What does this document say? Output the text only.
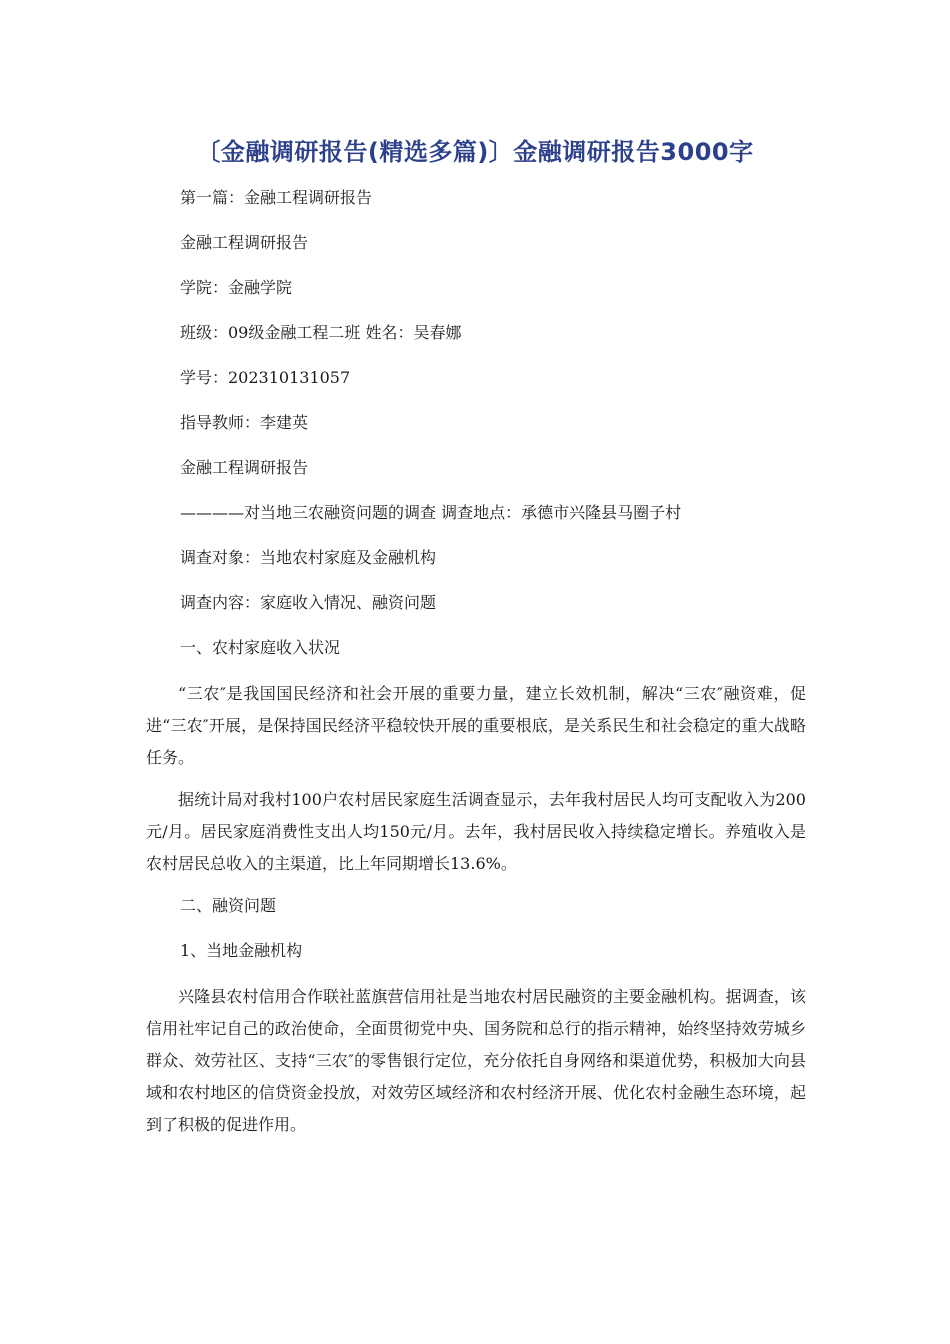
〔金融调研报告(精选多篇)〕金融调研报告3000字
第一篇：金融工程调研报告
金融工程调研报告
学院：金融学院
班级：09级金融工程二班 姓名：吴春娜
学号：202310131057
指导教师：李建英
金融工程调研报告
————对当地三农融资问题的调查 调查地点：承德市兴隆县马圈子村
调查对象：当地农村家庭及金融机构
调查内容：家庭收入情况、融资问题
一、农村家庭收入状况
“三农″是我国国民经济和社会开展的重要力量，建立长效机制，解决“三农″融资难，促进“三农″开展，是保持国民经济平稳较快开展的重要根底，是关系民生和社会稳定的重大战略任务。
据统计局对我村100户农村居民家庭生活调查显示，去年我村居民人均可支配收入为200元/月。居民家庭消费性支出人均150元/月。去年，我村居民收入持续稳定增长。养殖收入是农村居民总收入的主渠道，比上年同期增长13.6%。
二、融资问题
1、当地金融机构
兴隆县农村信用合作联社蓝旗营信用社是当地农村居民融资的主要金融机构。据调查，该信用社牢记自己的政治使命，全面贯彻党中央、国务院和总行的指示精神，始终坚持效劳城乡群众、效劳社区、支持“三农″的零售银行定位，充分依托自身网络和渠道优势，积极加大向县域和农村地区的信贷资金投放，对效劳区域经济和农村经济开展、优化农村金融生态环境，起到了积极的促进作用。
